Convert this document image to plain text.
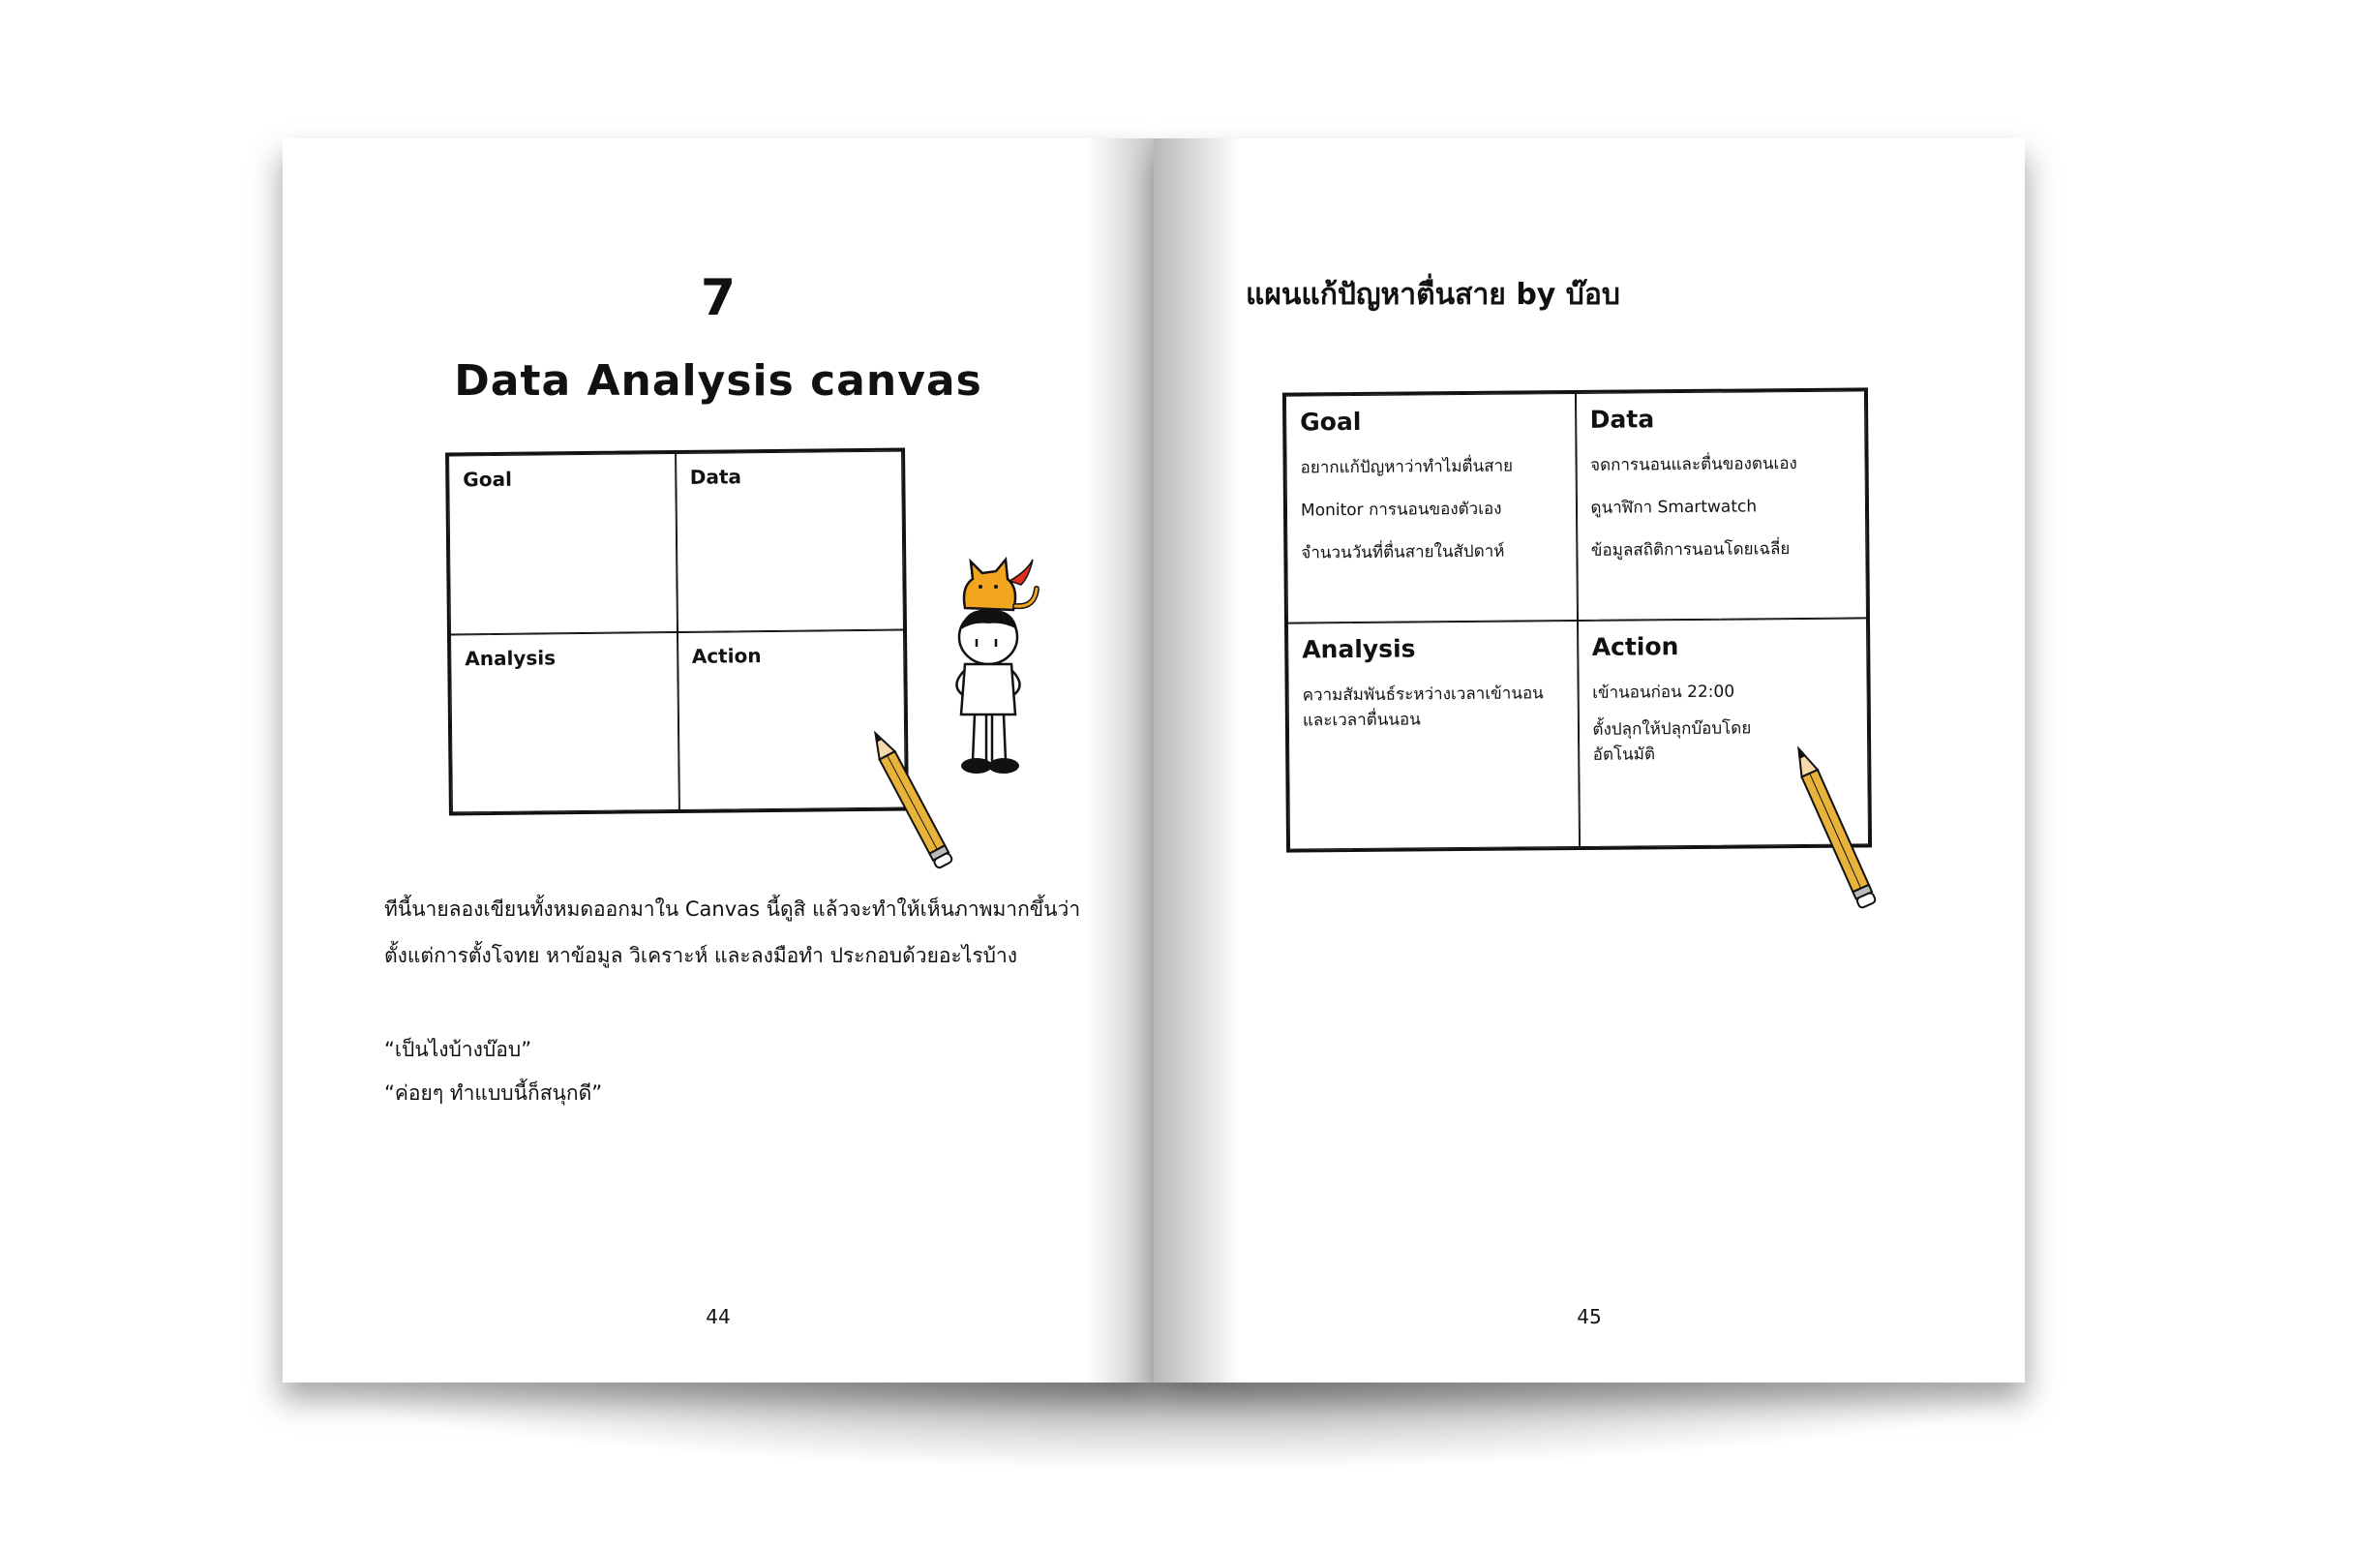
7
Data Analysis canvas
Goal	Data
Analysis	Action
ทีนี้นายลองเขียนทั้งหมดออกมาใน Canvas นี้ดูสิ แล้วจะทำให้เห็นภาพมากขึ้นว่า
ตั้งแต่การตั้งโจทย หาข้อมูล วิเคราะห์ และลงมือทำ ประกอบด้วยอะไรบ้าง
“เป็นไงบ้างบ๊อบ”
“ค่อยๆ ทำแบบนี้ก็สนุกดี”
44
แผนแก้ปัญหาตื่นสาย by บ๊อบ
Goal
อยากแก้ปัญหาว่าทำไมตื่นสาย
Monitor การนอนของตัวเอง
จำนวนวันที่ตื่นสายในสัปดาห์
Data
จดการนอนและตื่นของตนเอง
ดูนาฬิกา Smartwatch
ข้อมูลสถิติการนอนโดยเฉลี่ย
Analysis
ความสัมพันธ์ระหว่างเวลาเข้านอน
และเวลาตื่นนอน
Action
เข้านอนก่อน 22:00
ตั้งปลุกให้ปลุกบ๊อบโดย
อัตโนมัติ
45
